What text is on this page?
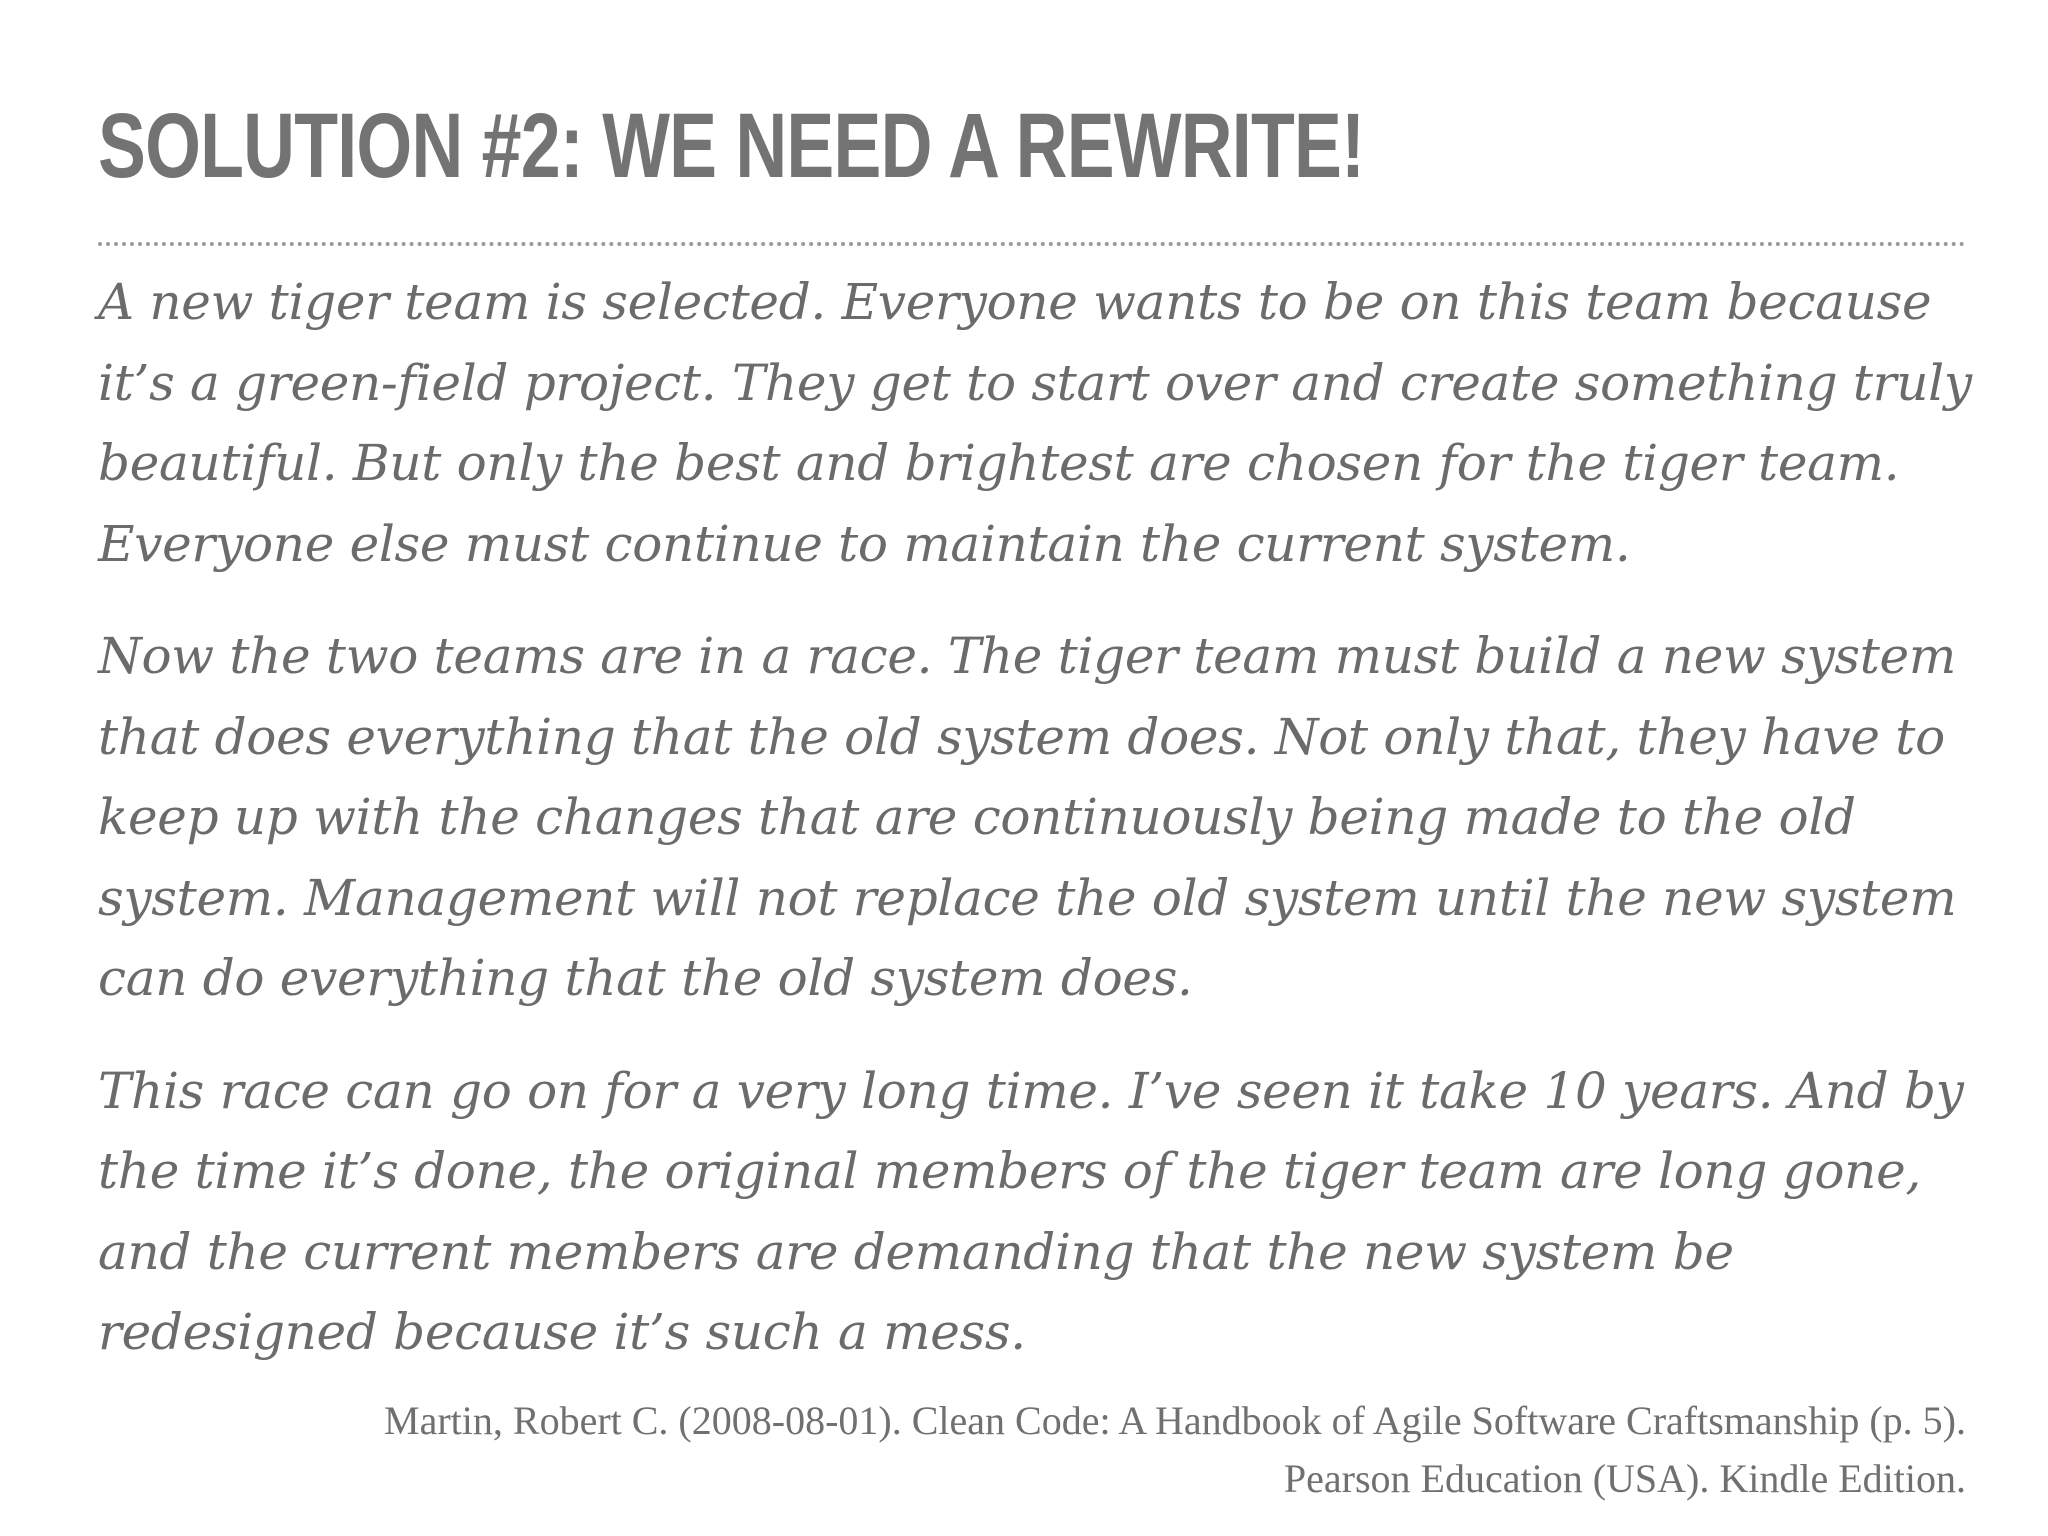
SOLUTION #2: WE NEED A REWRITE!

A new tiger team is selected. Everyone wants to be on this team because it’s a green-field project. They get to start over and create something truly beautiful. But only the best and brightest are chosen for the tiger team. Everyone else must continue to maintain the current system.

Now the two teams are in a race. The tiger team must build a new system that does everything that the old system does. Not only that, they have to keep up with the changes that are continuously being made to the old system. Management will not replace the old system until the new system can do everything that the old system does.

This race can go on for a very long time. I’ve seen it take 10 years. And by the time it’s done, the original members of the tiger team are long gone, and the current members are demanding that the new system be redesigned because it’s such a mess.

Martin, Robert C. (2008-08-01). Clean Code: A Handbook of Agile Software Craftsmanship (p. 5).
Pearson Education (USA). Kindle Edition.
